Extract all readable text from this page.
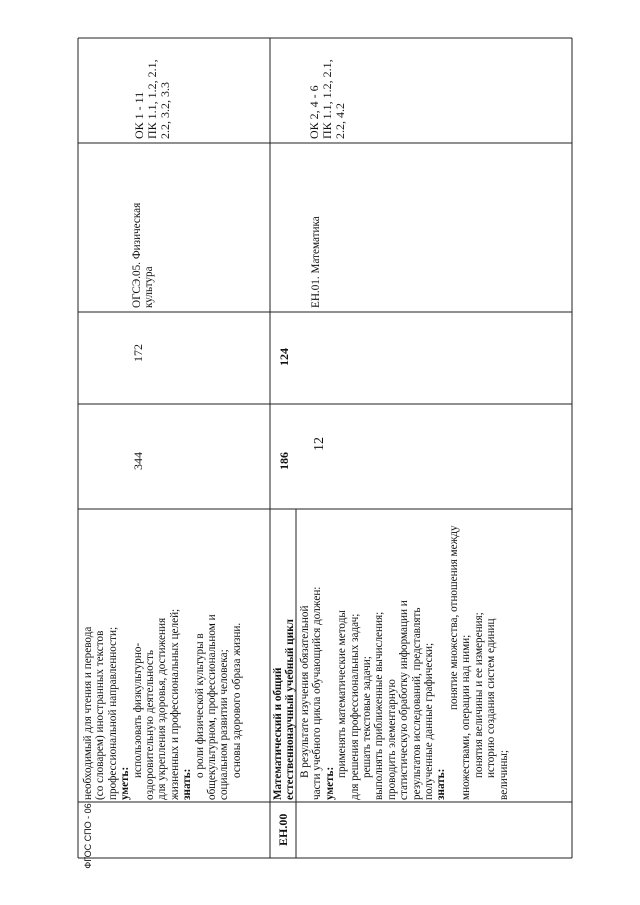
необходимый для чтения и перевода (со словарем) иностранных текстов профессиональной направленности; уметь:
использовать физкультурно- оздоровительную деятельность для укрепления здоровья, достижения жизненных и профессиональных целей; знать:
о роли физической культуры в общекультурном, профессиональном и социальном развитии человека; основы здорового образа жизни.
344
172
ОГСЭ.05. Физическая культура
ОК 1 - 11 ПК 1.1, 1.2, 2.1, 2.2, 3.2, 3.3
ЕН.00
Математический и общий естественнонаучный учебный цикл
186
124
В результате изучения обязательной части учебного цикла обучающийся должен: уметь:
применять математические методы для решения профессиональных задач; решать текстовые задачи; выполнять приближенные вычисления; проводить элементарную статистическую обработку информации и результатов исследований, представлять полученные данные графически; знать:
понятие множества, отношения между
множествами, операции над ними; понятия величины и ее измерения; историю создания систем единиц величины;
ЕН.01. Математика
ОК 2, 4 - 6 ПК 1.1, 1.2, 2.1, 2.2, 4.2
12
ФГОС СПО - 06
